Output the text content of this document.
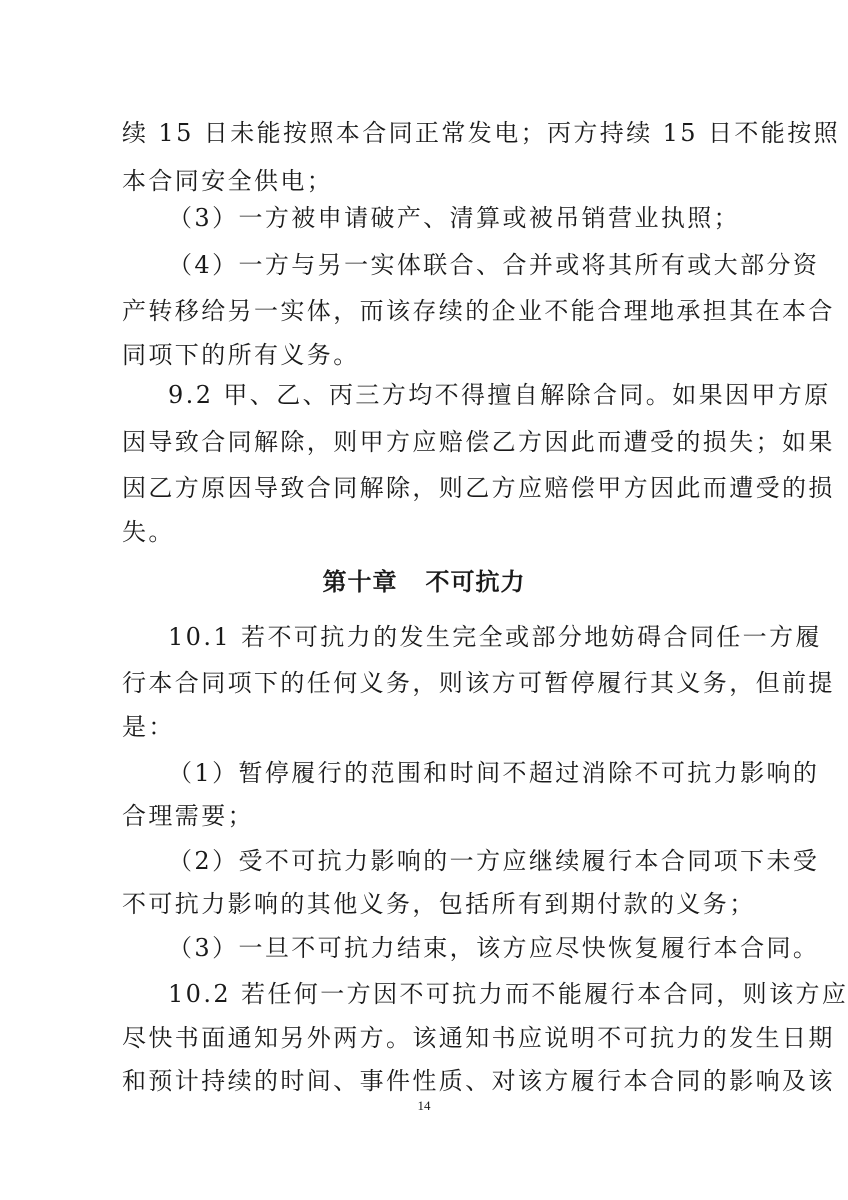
续 15 日未能按照本合同正常发电；丙方持续 15 日不能按照
本合同安全供电；
（3）一方被申请破产、清算或被吊销营业执照；
（4）一方与另一实体联合、合并或将其所有或大部分资
产转移给另一实体，而该存续的企业不能合理地承担其在本合
同项下的所有义务。
9.2 甲、乙、丙三方均不得擅自解除合同。如果因甲方原
因导致合同解除，则甲方应赔偿乙方因此而遭受的损失；如果
因乙方原因导致合同解除，则乙方应赔偿甲方因此而遭受的损
失。
第十章   不可抗力
10.1 若不可抗力的发生完全或部分地妨碍合同任一方履
行本合同项下的任何义务，则该方可暂停履行其义务，但前提
是：
（1）暂停履行的范围和时间不超过消除不可抗力影响的
合理需要；
（2）受不可抗力影响的一方应继续履行本合同项下未受
不可抗力影响的其他义务，包括所有到期付款的义务；
（3）一旦不可抗力结束，该方应尽快恢复履行本合同。
10.2 若任何一方因不可抗力而不能履行本合同，则该方应
尽快书面通知另外两方。该通知书应说明不可抗力的发生日期
和预计持续的时间、事件性质、对该方履行本合同的影响及该
14
